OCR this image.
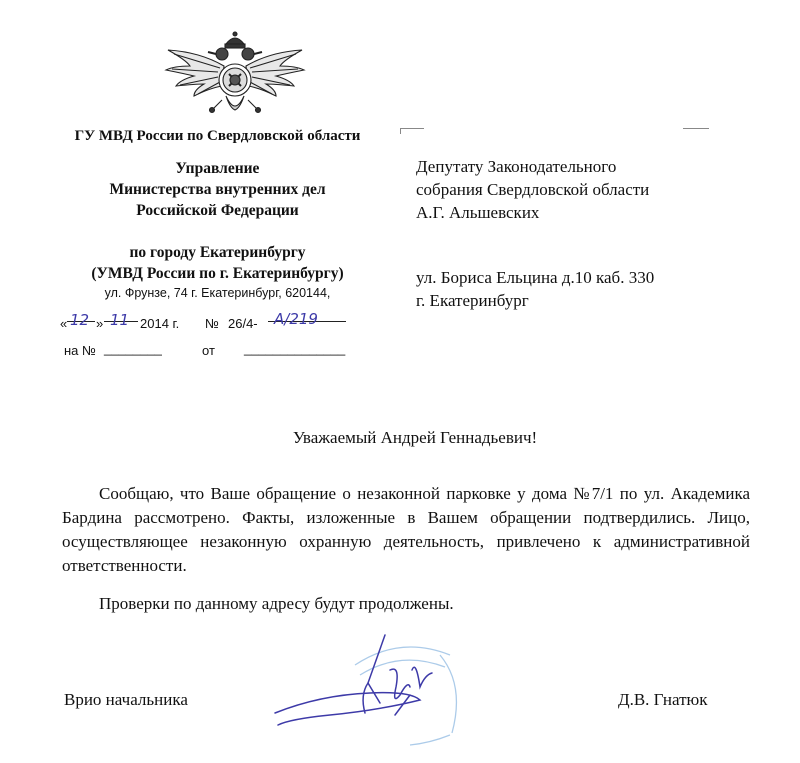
ГУ МВД России по Свердловской области
Управление
Министерства внутренних дел
Российской Федерации
по городу Екатеринбургу
(УМВД России по г. Екатеринбургу)
ул. Фрунзе, 74 г. Екатеринбург, 620144,
« 12 » 11 2014 г. № 26/4- А/219
на № ________	от ______________
Депутату Законодательного
собрания Свердловской области
А.Г. Альшевских
ул. Бориса Ельцина д.10 каб. 330
г. Екатеринбург
Уважаемый Андрей Геннадьевич!
Сообщаю, что Ваше обращение о незаконной парковке у дома №7/1 по ул. Академика Бардина рассмотрено. Факты, изложенные в Вашем обращении подтвердились. Лицо, осуществляющее незаконную охранную деятельность, привлечено к административной ответственности.
Проверки по данному адресу будут продолжены.
Врио начальника	Д.В. Гнатюк
